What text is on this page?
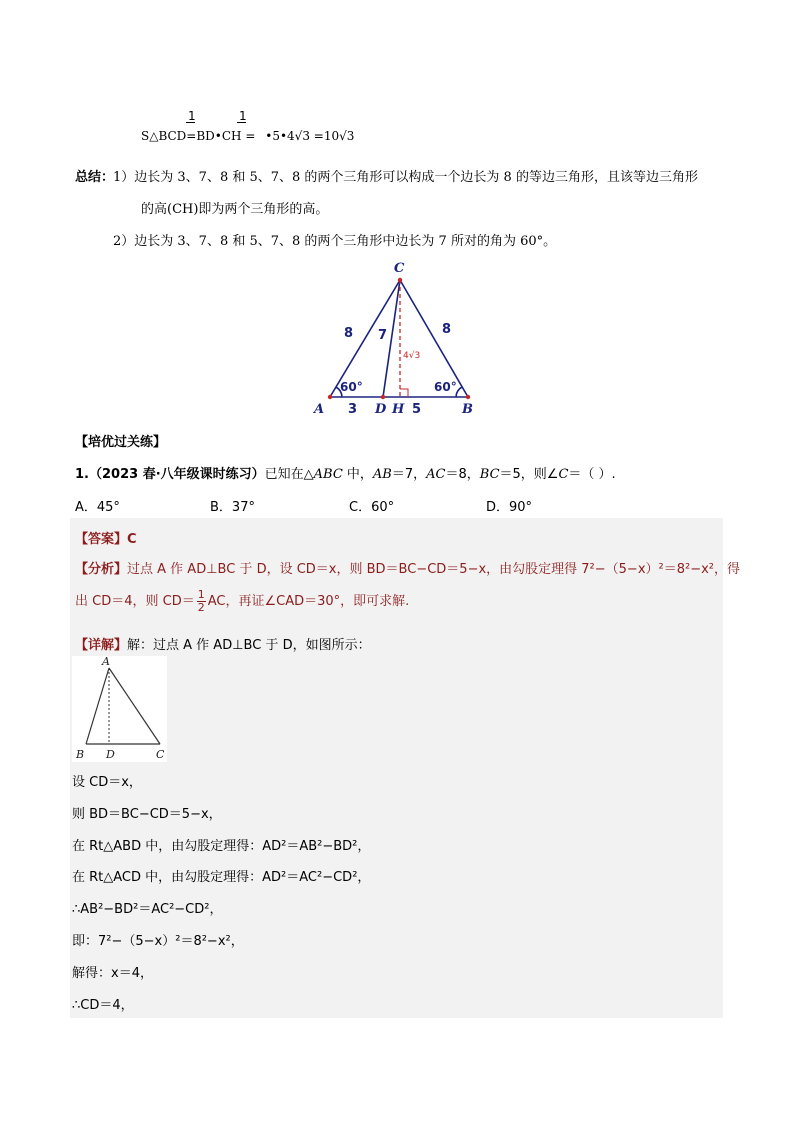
1	1
S△BCD=BD•CH = •5•4√3 =10√3
总结：
1）边长为 3、7、8 和 5、7、8 的两个三角形可以构成一个边长为 8 的等边三角形，且该等边三角形
的高(CH)即为两个三角形的高。
2）边长为 3、7、8 和 5、7、8 的两个三角形中边长为 7 所对的角为 60°。
C
A	B
D H
8 7	8
3	5
60°	60°
4√3
【培优过关练】
1.（2023 春·八年级课时练习）已知在△ABC 中，AB＝7，AC＝8，BC＝5，则∠C＝（ ）.
A．45°	B．37°	C．60°	D．90°
【答案】C
【分析】过点 A 作 AD⊥BC 于 D，设 CD＝x，则 BD＝BC−CD＝5−x，由勾股定理得 7²−（5−x）²＝8²−x²，得
出 CD＝4，则 $CD= \frac{1}{2}$ AC，再证∠CAD＝30°，即可求解.
【详解】解：过点 A 作 AD⊥BC 于 D，如图所示：
A
B D	C
设 CD＝x，
则 BD＝BC−CD＝5−x，
在 Rt△ABD 中，由勾股定理得：AD²＝AB²−BD²，
在 Rt△ACD 中，由勾股定理得：AD²＝AC²−CD²，
∴AB²−BD²＝AC²−CD²，
即：7²−（5−x）²＝8²−x²，
解得：x＝4，
∴CD＝4，
